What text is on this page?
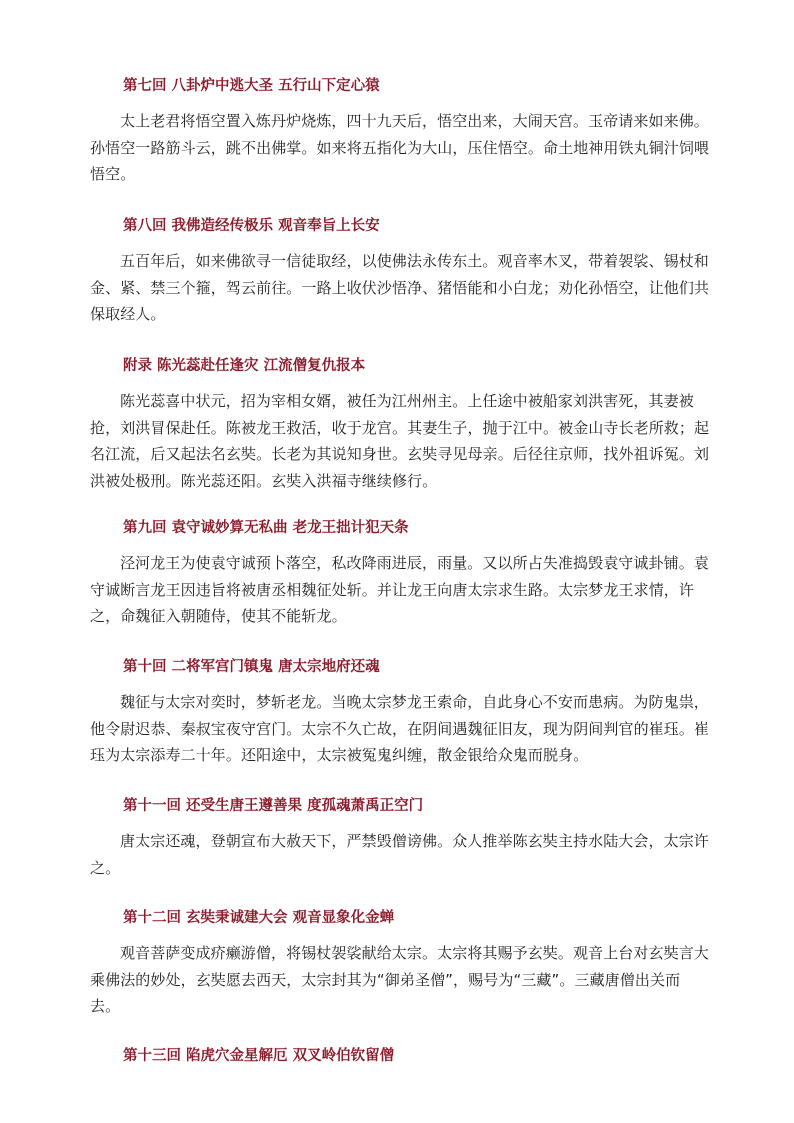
第七回 八卦炉中逃大圣 五行山下定心猿

太上老君将悟空置入炼丹炉烧炼，四十九天后，悟空出来，大闹天宫。玉帝请来如来佛。孙悟空一路筋斗云，跳不出佛掌。如来将五指化为大山，压住悟空。命土地神用铁丸铜汁饲喂悟空。

第八回 我佛造经传极乐 观音奉旨上长安

五百年后，如来佛欲寻一信徒取经，以使佛法永传东土。观音率木叉，带着袈裟、锡杖和金、紧、禁三个箍，驾云前往。一路上收伏沙悟净、猪悟能和小白龙；劝化孙悟空，让他们共保取经人。

附录 陈光蕊赴任逢灾 江流僧复仇报本

陈光蕊喜中状元，招为宰相女婿，被任为江州州主。上任途中被船家刘洪害死，其妻被抢，刘洪冒保赴任。陈被龙王救活，收于龙宫。其妻生子，抛于江中。被金山寺长老所救；起名江流，后又起法名玄奘。长老为其说知身世。玄奘寻见母亲。后径往京师，找外祖诉冤。刘洪被处极刑。陈光蕊还阳。玄奘入洪福寺继续修行。

第九回 袁守诚妙算无私曲 老龙王拙计犯天条

泾河龙王为使袁守诚预卜落空，私改降雨进辰，雨量。又以所占失准捣毁袁守诚卦铺。袁守诚断言龙王因违旨将被唐丞相魏征处斩。并让龙王向唐太宗求生路。太宗梦龙王求情，许之，命魏征入朝随侍，使其不能斩龙。

第十回 二将军宫门镇鬼 唐太宗地府还魂

魏征与太宗对奕时，梦斩老龙。当晚太宗梦龙王索命，自此身心不安而患病。为防鬼祟，他令尉迟恭、秦叔宝夜守宫门。太宗不久亡故，在阴间遇魏征旧友，现为阴间判官的崔珏。崔珏为太宗添寿二十年。还阳途中，太宗被冤鬼纠缠，散金银给众鬼而脱身。

第十一回 还受生唐王遵善果 度孤魂萧禹正空门

唐太宗还魂，登朝宣布大赦天下，严禁毁僧谤佛。众人推举陈玄奘主持水陆大会，太宗许之。

第十二回 玄奘秉诚建大会 观音显象化金蝉

观音菩萨变成疥癞游僧，将锡杖袈裟献给太宗。太宗将其赐予玄奘。观音上台对玄奘言大乘佛法的妙处，玄奘愿去西天，太宗封其为“御弟圣僧”，赐号为“三藏”。三藏唐僧出关而去。

第十三回 陷虎穴金星解厄 双叉岭伯钦留僧
